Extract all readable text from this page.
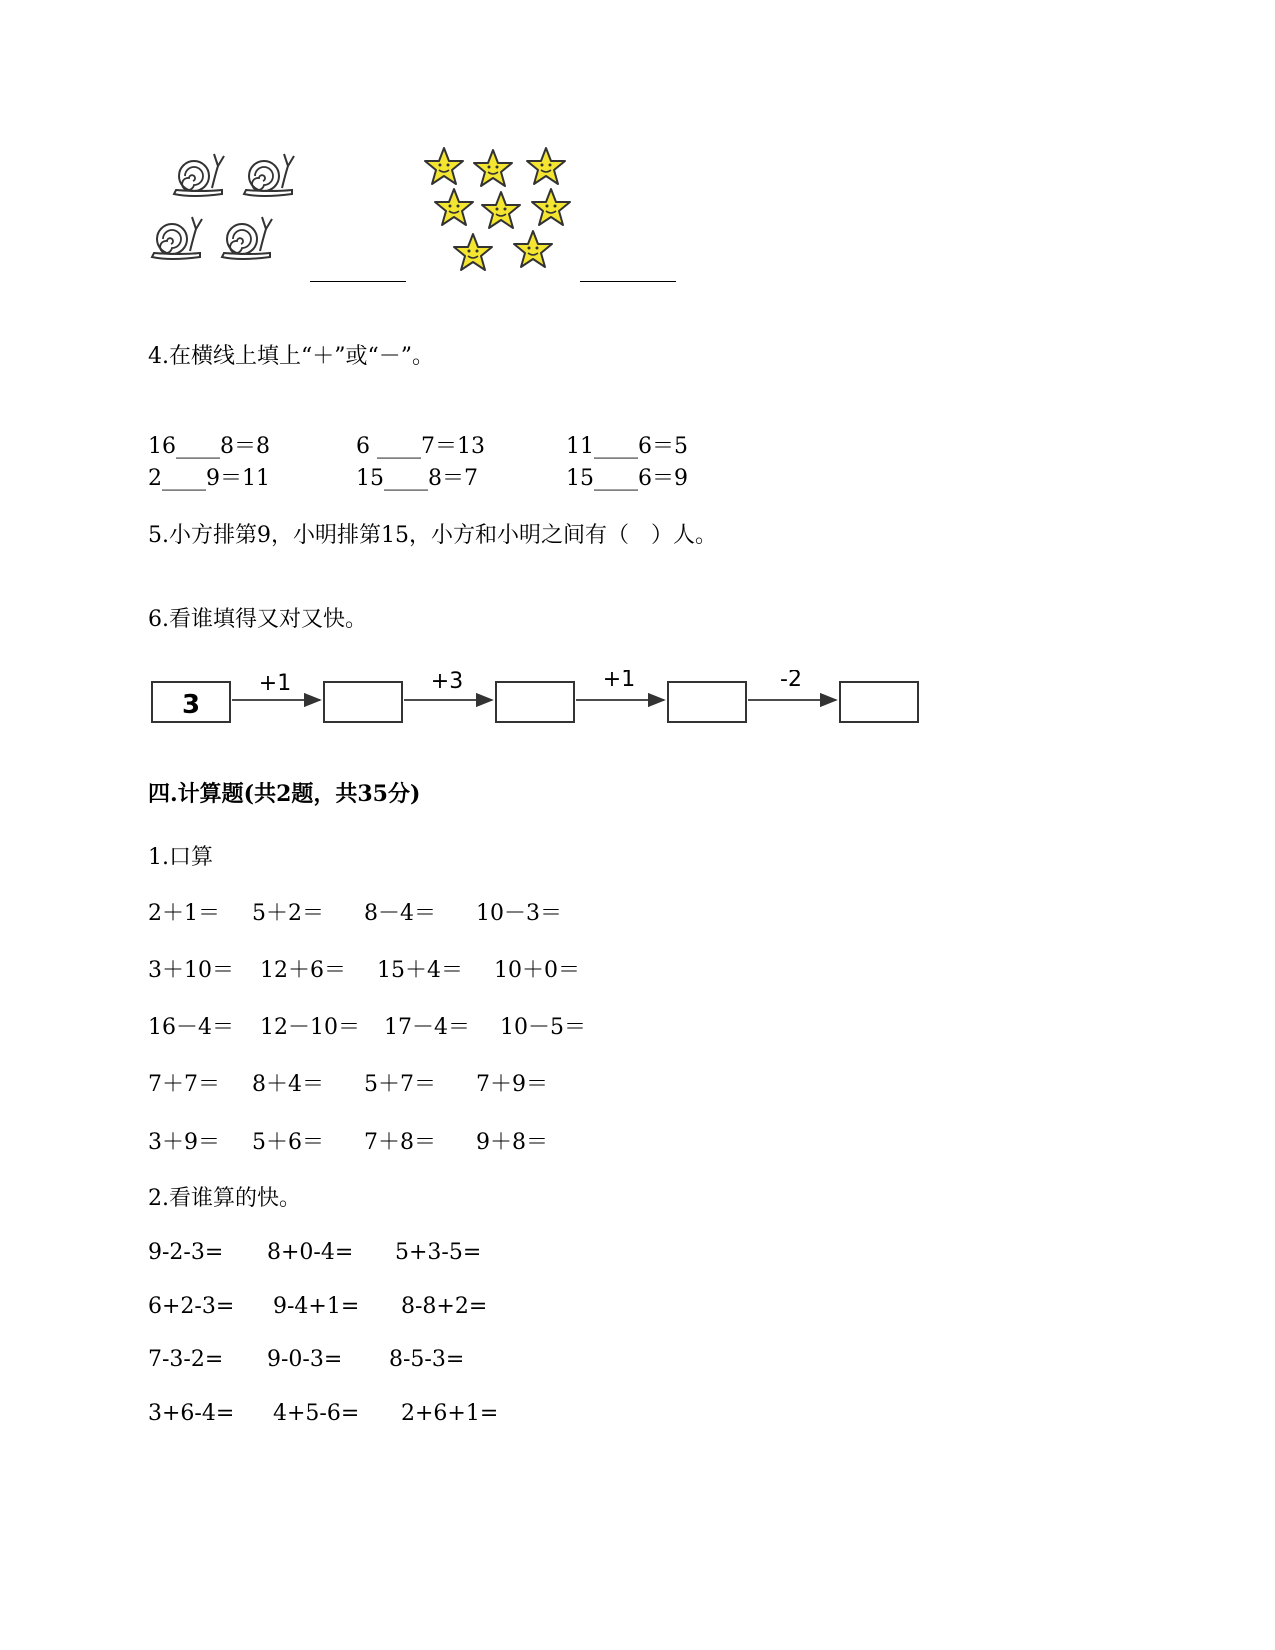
4.在横线上填上“＋”或“－”。
16____8＝8	6 ____7＝13	11____6＝5
2____9＝11	15____8＝7	15____6＝9
5.小方排第9，小明排第15，小方和小明之间有（　）人。
6.看谁填得又对又快。
3
+1	+3	+1	-2
四.计算题(共2题，共35分)
1.口算
2＋1＝ 5＋2＝ 8－4＝ 10－3＝
3＋10＝ 12＋6＝ 15＋4＝ 10＋0＝
16－4＝ 12－10＝ 17－4＝ 10－5＝
7＋7＝ 8＋4＝ 5＋7＝ 7＋9＝
3＋9＝ 5＋6＝ 7＋8＝ 9＋8＝
2.看谁算的快。
9-2-3= 8+0-4= 5+3-5=
6+2-3= 9-4+1= 8-8+2=
7-3-2= 9-0-3= 8-5-3=
3+6-4= 4+5-6= 2+6+1=
